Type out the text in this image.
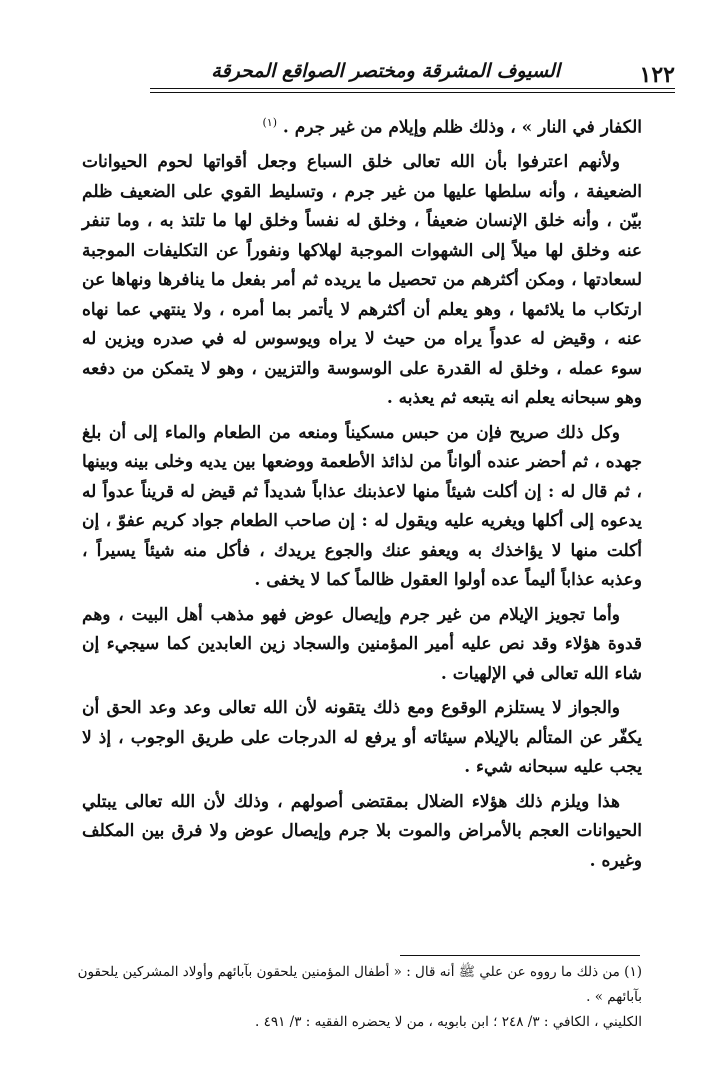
١٢٢
السيوف المشرقة ومختصر الصواقع المحرقة

الكفار في النار » ، وذلك ظلم وإيلام من غير جرم . $^{(١)}$

ولأنهم اعترفوا بأن الله تعالى خلق السباع وجعل أقواتها لحوم الحيوانات الضعيفة ، وأنه سلطها عليها من غير جرم ، وتسليط القوي على الضعيف ظلم بيّن ، وأنه خلق الإنسان ضعيفاً ، وخلق له نفساً وخلق لها ما تلتذ به ، وما تنفر عنه وخلق لها ميلاً إلى الشهوات الموجبة لهلاكها ونفوراً عن التكليفات الموجبة لسعادتها ، ومكن أكثرهم من تحصيل ما يريده ثم أمر بفعل ما ينافرها ونهاها عن ارتكاب ما يلائمها ، وهو يعلم أن أكثرهم لا يأتمر بما أمره ، ولا ينتهي عما نهاه عنه ، وقيض له عدواً يراه من حيث لا يراه ويوسوس له في صدره ويزين له سوء عمله ، وخلق له القدرة على الوسوسة والتزيين ، وهو لا يتمكن من دفعه وهو سبحانه يعلم انه يتبعه ثم يعذبه .

وكل ذلك صريح فإن من حبس مسكيناً ومنعه من الطعام والماء إلى أن بلغ جهده ، ثم أحضر عنده ألواناً من لذائذ الأطعمة ووضعها بين يديه وخلى بينه وبينها ، ثم قال له : إن أكلت شيئاً منها لاعذبنك عذاباً شديداً ثم قيض له قريناً عدواً له يدعوه إلى أكلها ويغريه عليه ويقول له : إن صاحب الطعام جواد كريم عفوّ ، إن أكلت منها لا يؤاخذك به ويعفو عنك والجوع يريدك ، فأكل منه شيئاً يسيراً ، وعذبه عذاباً أليماً عده أولوا العقول ظالماً كما لا يخفى .

وأما تجويز الإيلام من غير جرم وإيصال عوض فهو مذهب أهل البيت ، وهم قدوة هؤلاء وقد نص عليه أمير المؤمنين والسجاد زين العابدين كما سيجيء إن شاء الله تعالى في الإلهيات .

والجواز لا يستلزم الوقوع ومع ذلك يتقونه لأن الله تعالى وعد وعد الحق أن يكفّر عن المتألم بالإيلام سيئاته أو يرفع له الدرجات على طريق الوجوب ، إذ لا يجب عليه سبحانه شيء .

هذا ويلزم ذلك هؤلاء الضلال بمقتضى أصولهم ، وذلك لأن الله تعالى يبتلي الحيوانات العجم بالأمراض والموت بلا جرم وإيصال عوض ولا فرق بين المكلف وغيره .

(١) من ذلك ما رووه عن علي ﷺ أنه قال : « أطفال المؤمنين يلحقون بآبائهم وأولاد المشركين يلحقون بآبائهم » .

الكليني ، الكافي : ٣/ ٢٤٨ ؛ ابن بابويه ، من لا يحضره الفقيه : ٣/ ٤٩١ .
